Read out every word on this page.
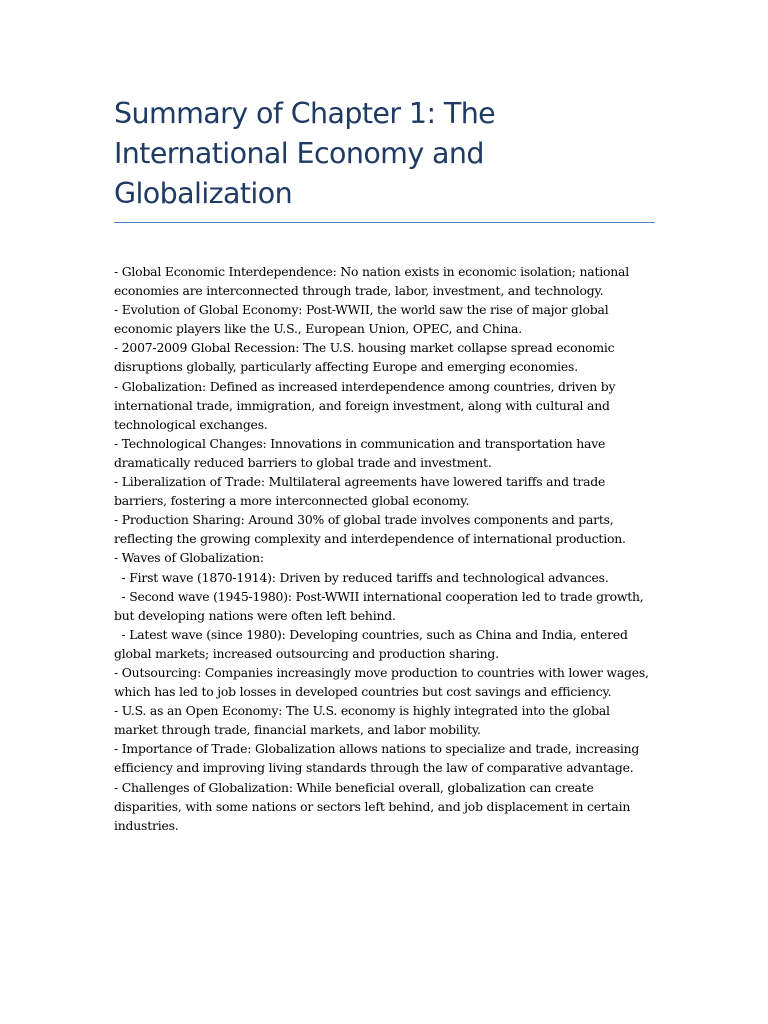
Summary of Chapter 1: The International Economy and Globalization

- Global Economic Interdependence: No nation exists in economic isolation; national economies are interconnected through trade, labor, investment, and technology.

- Evolution of Global Economy: Post-WWII, the world saw the rise of major global economic players like the U.S., European Union, OPEC, and China.

- 2007-2009 Global Recession: The U.S. housing market collapse spread economic disruptions globally, particularly affecting Europe and emerging economies.

- Globalization: Defined as increased interdependence among countries, driven by international trade, immigration, and foreign investment, along with cultural and technological exchanges.

- Technological Changes: Innovations in communication and transportation have dramatically reduced barriers to global trade and investment.

- Liberalization of Trade: Multilateral agreements have lowered tariffs and trade barriers, fostering a more interconnected global economy.

- Production Sharing: Around 30% of global trade involves components and parts, reflecting the growing complexity and interdependence of international production.

- Waves of Globalization:

- First wave (1870-1914): Driven by reduced tariffs and technological advances.

- Second wave (1945-1980): Post-WWII international cooperation led to trade growth, but developing nations were often left behind.

- Latest wave (since 1980): Developing countries, such as China and India, entered global markets; increased outsourcing and production sharing.

- Outsourcing: Companies increasingly move production to countries with lower wages, which has led to job losses in developed countries but cost savings and efficiency.

- U.S. as an Open Economy: The U.S. economy is highly integrated into the global market through trade, financial markets, and labor mobility.

- Importance of Trade: Globalization allows nations to specialize and trade, increasing efficiency and improving living standards through the law of comparative advantage.

- Challenges of Globalization: While beneficial overall, globalization can create disparities, with some nations or sectors left behind, and job displacement in certain industries.
